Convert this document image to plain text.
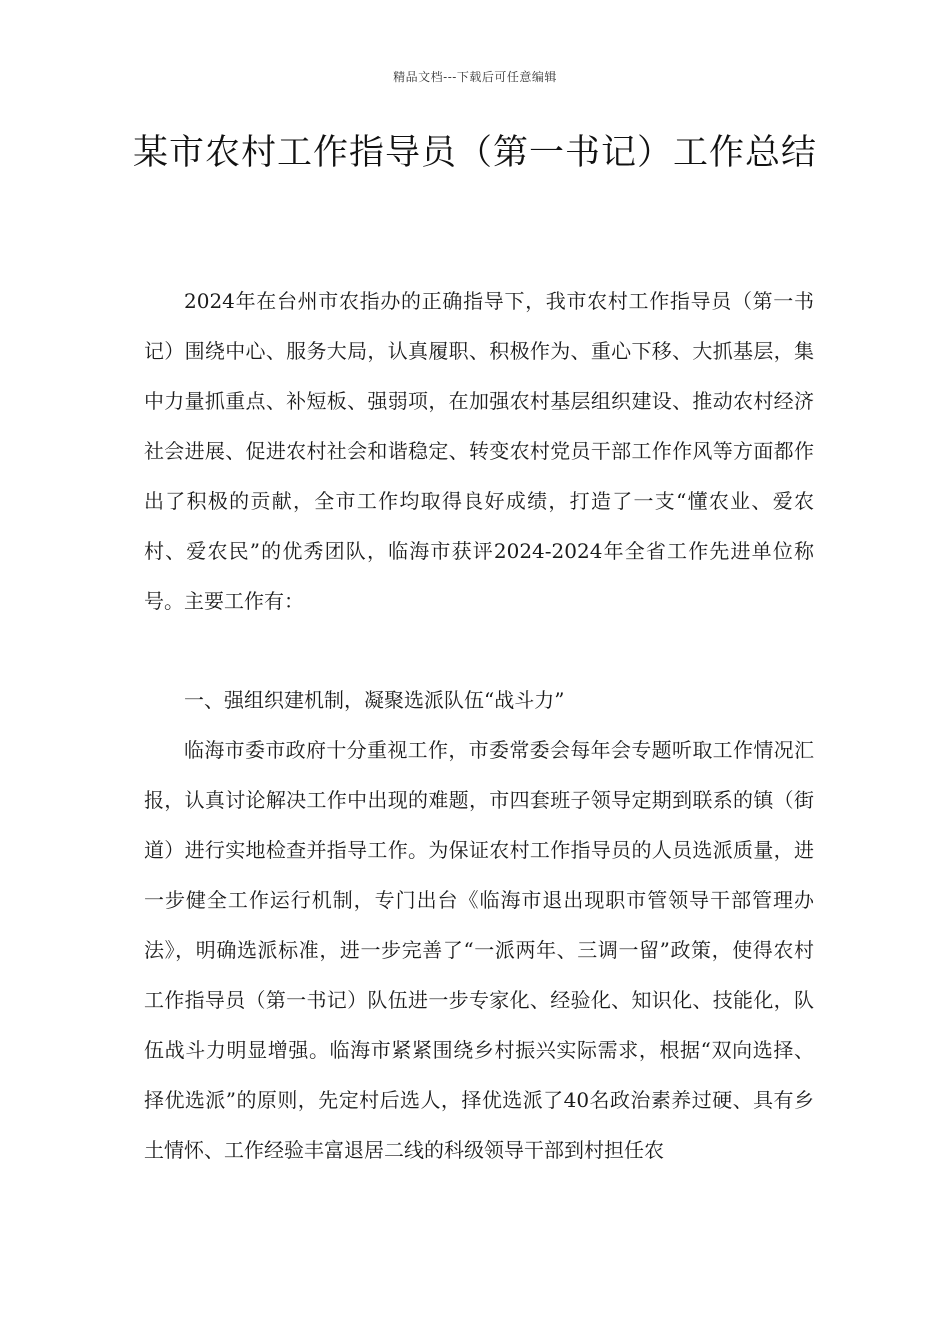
精品文档---下载后可任意编辑
某市农村工作指导员（第一书记）工作总结

2024年在台州市农指办的正确指导下，我市农村工作指导员（第一书记）围绕中心、服务大局，认真履职、积极作为、重心下移、大抓基层，集中力量抓重点、补短板、强弱项，在加强农村基层组织建设、推动农村经济社会进展、促进农村社会和谐稳定、转变农村党员干部工作作风等方面都作出了积极的贡献，全市工作均取得良好成绩，打造了一支“懂农业、爱农村、爱农民”的优秀团队，临海市获评2024-2024年全省工作先进单位称号。主要工作有：

一、强组织建机制，凝聚选派队伍“战斗力”

临海市委市政府十分重视工作，市委常委会每年会专题听取工作情况汇报，认真讨论解决工作中出现的难题，市四套班子领导定期到联系的镇（街道）进行实地检查并指导工作。为保证农村工作指导员的人员选派质量，进一步健全工作运行机制，专门出台《临海市退出现职市管领导干部管理办法》，明确选派标准，进一步完善了“一派两年、三调一留”政策，使得农村工作指导员（第一书记）队伍进一步专家化、经验化、知识化、技能化，队伍战斗力明显增强。临海市紧紧围绕乡村振兴实际需求，根据“双向选择、择优选派”的原则，先定村后选人，择优选派了40名政治素养过硬、具有乡土情怀、工作经验丰富退居二线的科级领导干部到村担任农
